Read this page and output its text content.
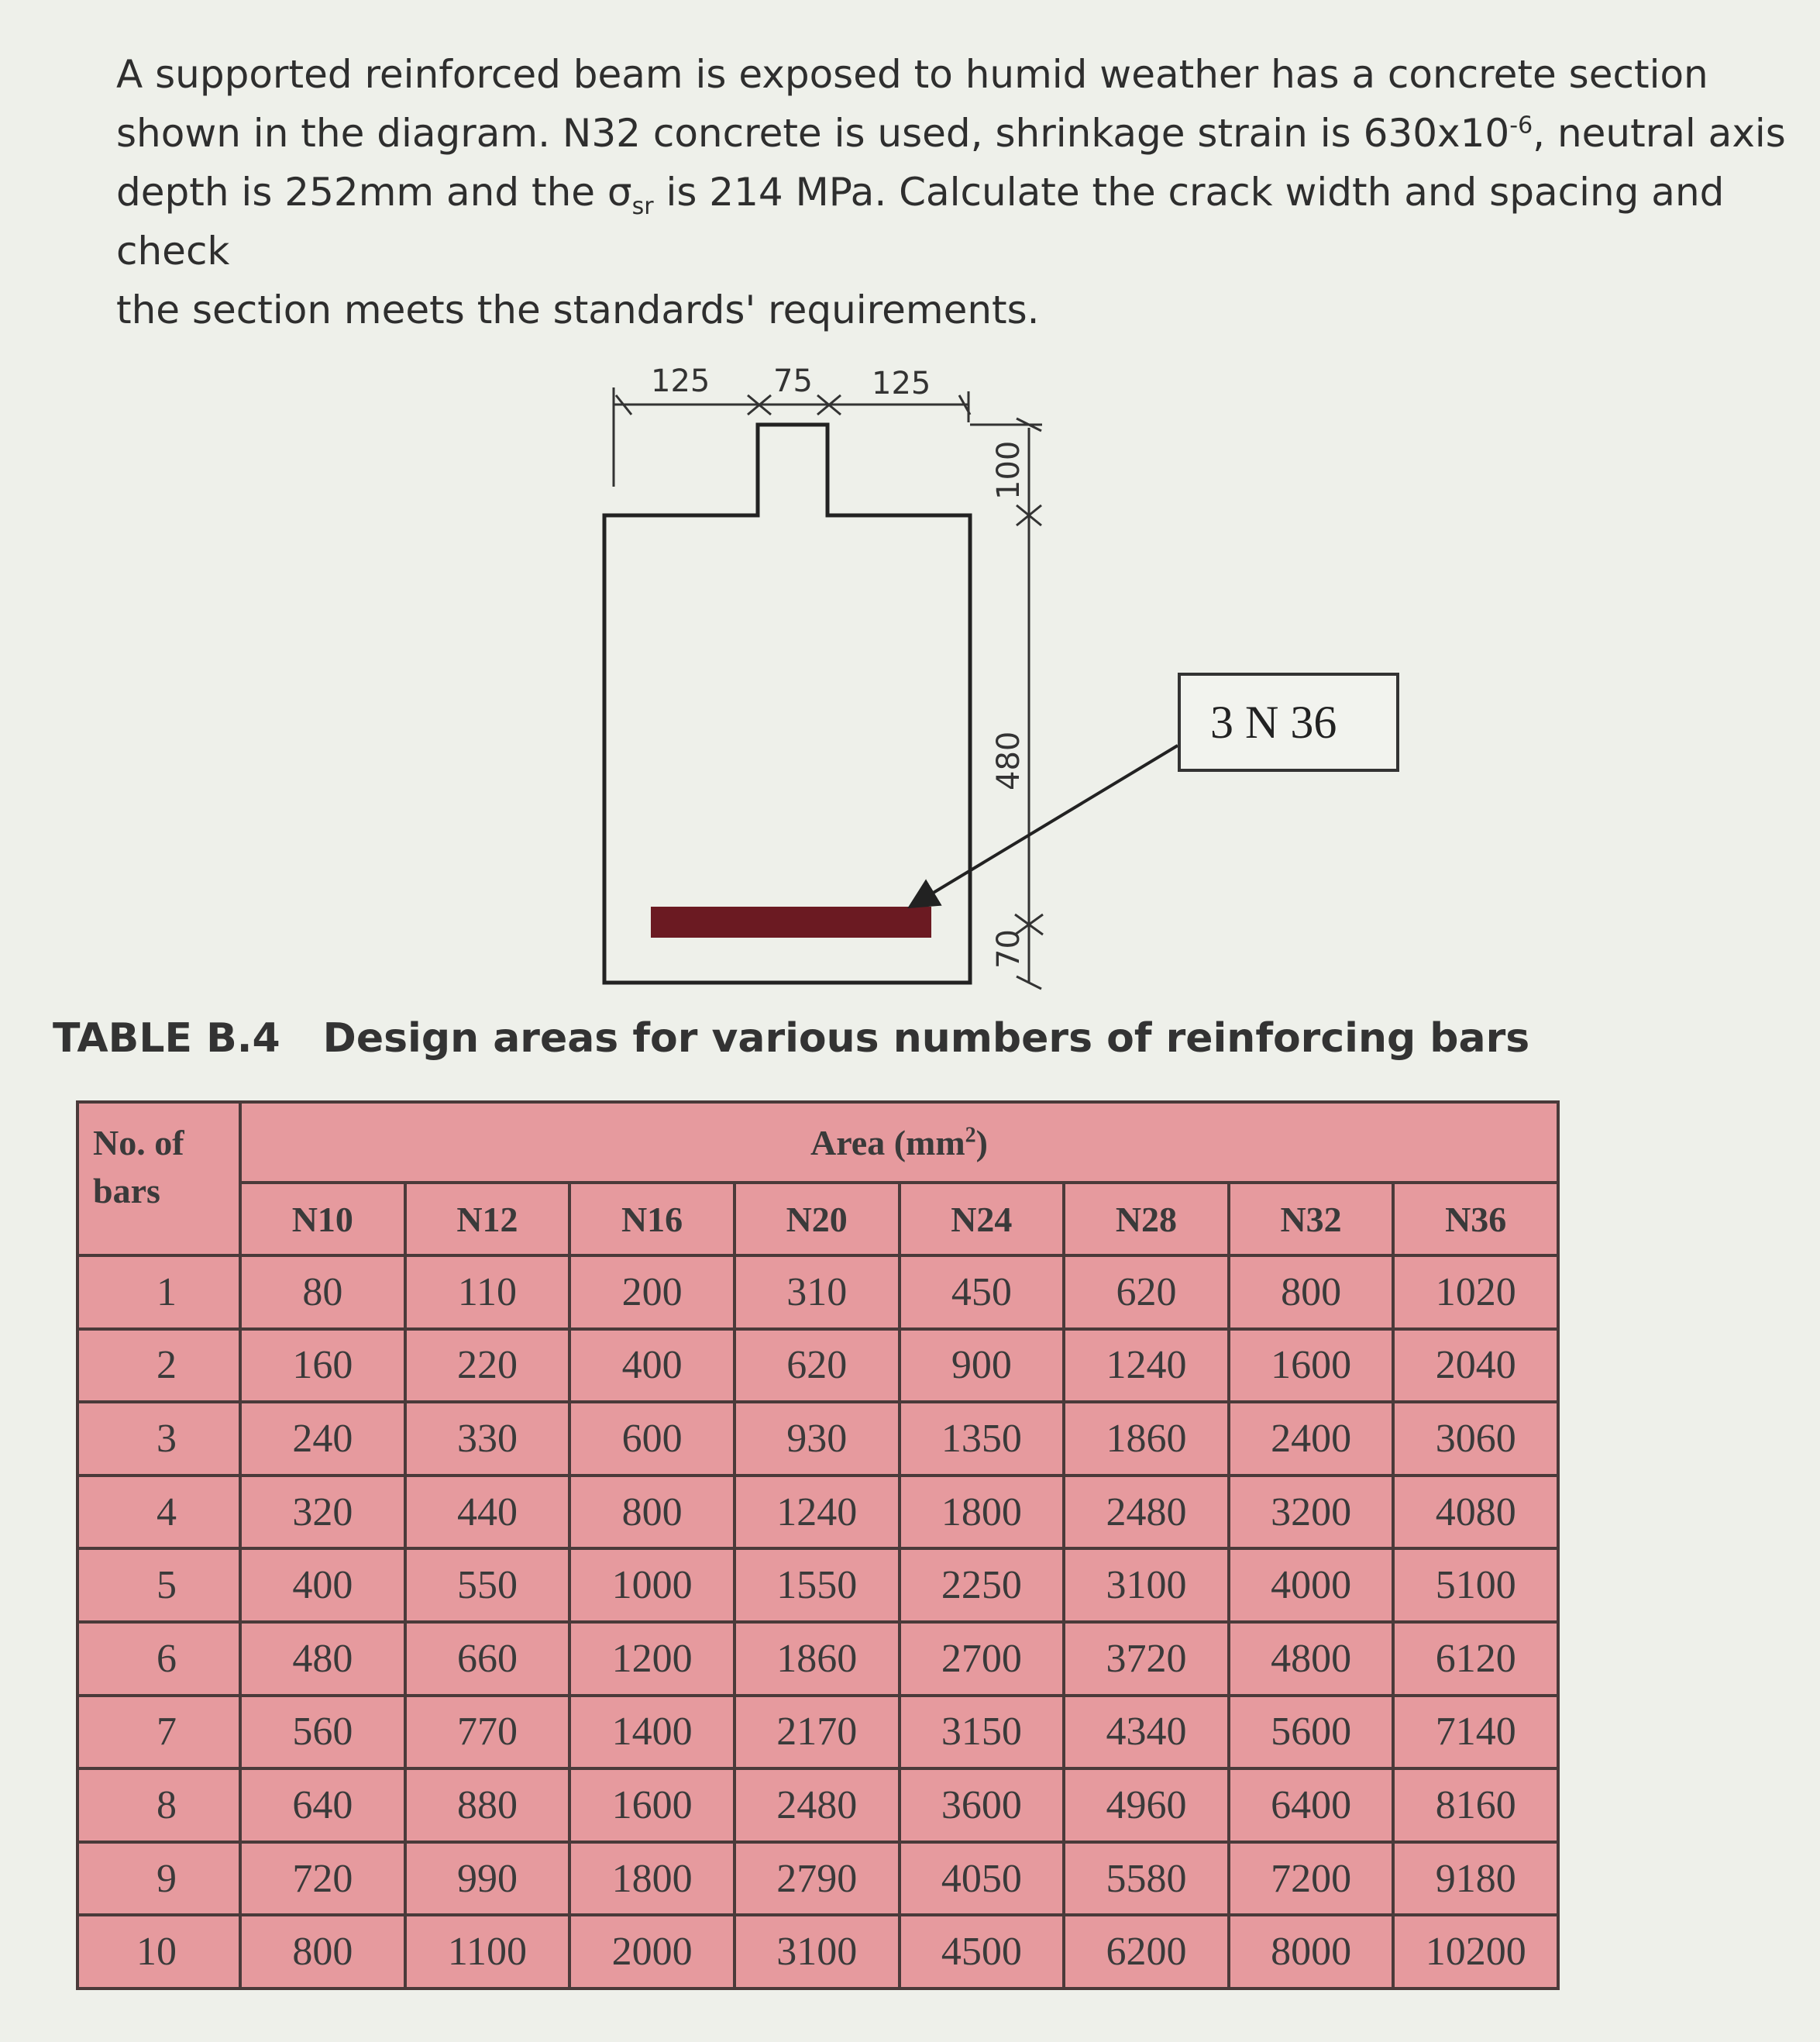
A supported reinforced beam is exposed to humid weather has a concrete section
shown in the diagram. N32 concrete is used, shrinkage strain is $630x10^{-6}$, neutral axis
depth is 252mm and the $\sigma_{sr}$ is 214 MPa. Calculate the crack width and spacing and check
the section meets the standards' requirements.
125 75 125
100
480
70
3 N 36
TABLE B.4 Design areas for various numbers of reinforcing bars
No. of
bars	Area $(mm^2)$							
	N10	N12	N16	N20	N24	N28	N32	N36
1	80	110	200	310	450	620	800	1020
2	160	220	400	620	900	1240	1600	2040
3	240	330	600	930	1350	1860	2400	3060
4	320	440	800	1240	1800	2480	3200	4080
5	400	550	1000	1550	2250	3100	4000	5100
6	480	660	1200	1860	2700	3720	4800	6120
7	560	770	1400	2170	3150	4340	5600	7140
8	640	880	1600	2480	3600	4960	6400	8160
9	720	990	1800	2790	4050	5580	7200	9180
10	800	1100	2000	3100	4500	6200	8000	10200
